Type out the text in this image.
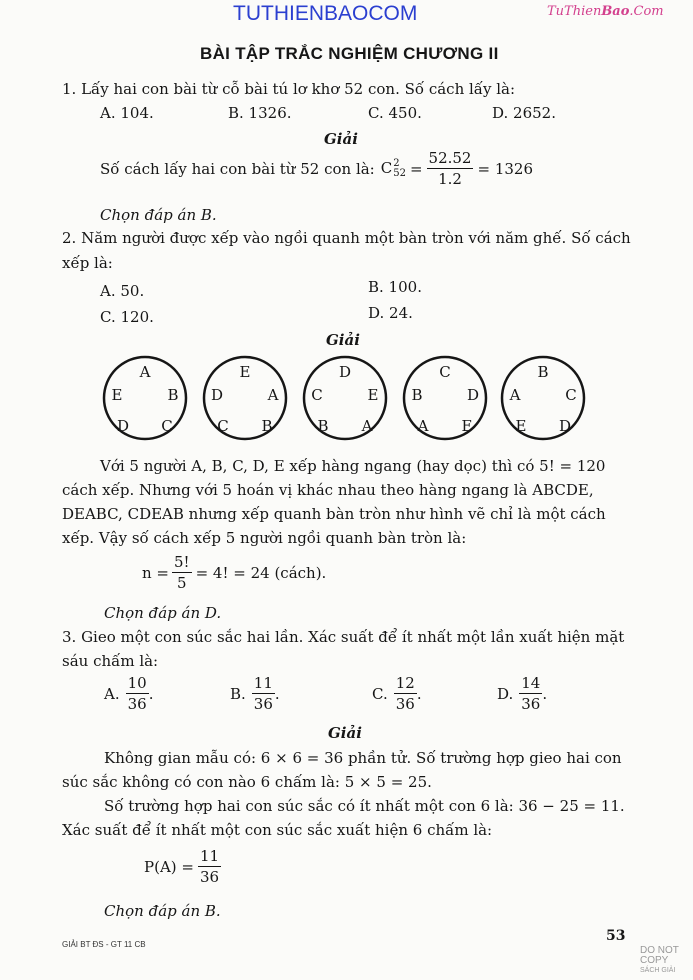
TUTHIENBAOCOM	TuThienBao.Com
BÀI TẬP TRẮC NGHIỆM CHƯƠNG II
1. Lấy hai con bài từ cỗ bài tú lơ khơ 52 con. Số cách lấy là:
A. 104.	B. 1326.	C. 450.	D. 2652.
Giải
Số cách lấy hai con bài từ 52 con là: C 2
$52 = \frac{52.52}{1.2} = 1326$
Chọn đáp án B.
2. Năm người được xếp vào ngồi quanh một bàn tròn với năm ghế. Số cách
xếp là:
A. 50.	B. 100.
C. 120.	D. 24.
Giải
A
B
C
D
E
E
A
B
C
D
D
E
A
B
C
C
D
E
A
B
B
C
D
E
A
Với 5 người A, B, C, D, E xếp hàng ngang (hay dọc) thì có 5! = 120
cách xếp. Nhưng với 5 hoán vị khác nhau theo hàng ngang là ABCDE,
DEABC, CDEAB nhưng xếp quanh bàn tròn như hình vẽ chỉ là một cách
xếp. Vậy số cách xếp 5 người ngồi quanh bàn tròn là:
$n = \frac{5!}{5} = 4$! = 24 (cách).
Chọn đáp án D.
3. Gieo một con súc sắc hai lần. Xác suất để ít nhất một lần xuất hiện mặt
sáu chấm là:
A. $\frac{10}{36}$ .	B. $\frac{11}{36}$ .	C. $\frac{12}{36}$ .	D. $\frac{14}{36}$ .
Giải
Không gian mẫu có: 6 × 6 = 36 phần tử. Số trường hợp gieo hai con
súc sắc không có con nào 6 chấm là: 5 × 5 = 25.
Số trường hợp hai con súc sắc có ít nhất một con 6 là: 36 − 25 = 11.
Xác suất để ít nhất một con súc sắc xuất hiện 6 chấm là:
$P(A) = \frac{11}{36}$
Chọn đáp án B.
53
GIẢI BT ĐS - GT 11 CB
DO NOT COPY
SÁCH GIẢI
